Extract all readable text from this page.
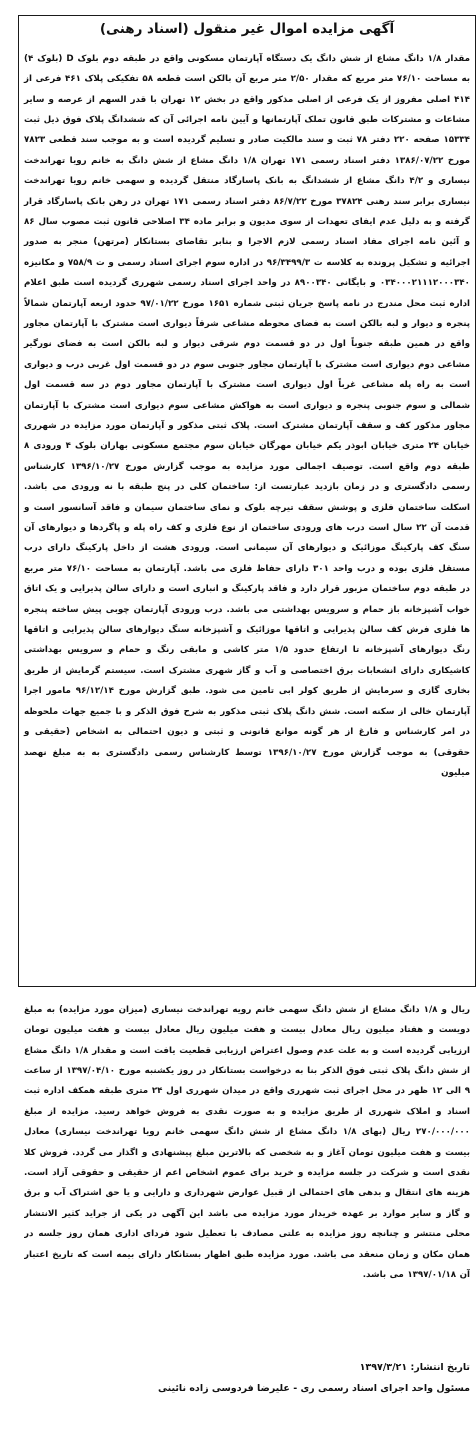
آگهی مزایده اموال غیر منقول (اسناد رهنی)

مقدار ۱/۸ دانگ مشاع از شش دانگ یک دستگاه آپارتمان مسکونی واقع در طبقه دوم بلوک D (بلوک ۴) به مساحت ۷۶/۱۰ متر مربع که مقدار ۲/۵۰ متر مربع آن بالکن است قطعه ۵۸ تفکیکی پلاک ۴۶۱ فرعی از ۴۱۴ اصلی مفروز از یک فرعی از اصلی مذکور واقع در بخش ۱۲ تهران با قدر السهم از عرصه و سایر مشاعات و مشترکات طبق قانون تملک آپارتمانها و آیین نامه اجرائی آن که ششدانگ پلاک فوق ذیل ثبت ۱۵۳۳۴ صفحه ۲۲۰ دفتر ۷۸ ثبت و سند مالکیت صادر و تسلیم گردیده است و به موجب سند قطعی ۷۸۲۳ مورخ ۱۳۸۶/۰۷/۲۲ دفتر اسناد رسمی ۱۷۱ تهران ۱/۸ دانگ مشاع از شش دانگ به خانم رویا تهراندخت نیساری و ۴/۲ دانگ مشاع از ششدانگ به بانک پاسارگاد منتقل گردیده و سهمی خانم رویا تهراندخت نیساری برابر سند رهنی ۳۷۸۲۴ مورخ ۸۶/۷/۲۲ دفتر اسناد رسمی ۱۷۱ تهران در رهن بانک پاسارگاد قرار گرفته و به دلیل عدم ایفای تعهدات از سوی مدیون و برابر ماده ۳۴ اصلاحی قانون ثبت مصوب سال ۸۶ و آئین نامه اجرای مفاد اسناد رسمی لازم الاجرا و بنابر تقاضای بستانکار (مرتهن) منجر به صدور اجرائیه و تشکیل پرونده به کلاسه ت ۹۶/۳۴۹۹/۳ در اداره سوم اجرای اسناد رسمی و ت ۷۵۸/۹ و مکانیزه ۰۳۴۰۰۰۲۱۱۱۲۰۰۰۳۴۰ و بایگانی ۸۹۰۰۳۴۰ در واحد اجرای اسناد رسمی شهرری گردیده است طبق اعلام اداره ثبت محل مندرج در نامه پاسخ جریان ثبتی شماره ۱۶۵۱ مورخ ۹۷/۰۱/۲۲ حدود اربعه آپارتمان شمالاً پنجره و دیوار و لبه بالکن است به فضای محوطه مشاعی شرقاً دیواری است مشترک با آپارتمان مجاور واقع در همین طبقه جنوباً اول در دو قسمت دوم شرقی دیوار و لبه بالکن است به فضای نورگیر مشاعی دوم دیواری است مشترک با آپارتمان مجاور جنوبی سوم در دو قسمت اول غربی درب و دیواری است به راه پله مشاعی غرباً اول دیواری است مشترک با آپارتمان مجاور دوم در سه قسمت اول شمالی و سوم جنوبی پنجره و دیواری است به هواکش مشاعی سوم دیواری است مشترک با آپارتمان مجاور مذکور کف و سقف آپارتمان مشترک است. پلاک ثبتی مذکور و آپارتمان مورد مزایده در شهرری خیابان ۲۴ متری خیابان ابوذر یکم خیابان مهرگان خیابان سوم مجتمع مسکونی بهاران بلوک ۴ ورودی ۸ طبقه دوم واقع است. توصیف اجمالی مورد مزایده به موجب گزارش مورخ ۱۳۹۶/۱۰/۲۷ کارشناس رسمی دادگستری و در زمان بازدید عبارتست از: ساختمان کلی در پنج طبقه با نه ورودی می باشد. اسکلت ساختمان فلزی و پوشش سقف تیرچه بلوک و نمای ساختمان سیمان و فاقد آسانسور است و قدمت آن ۲۲ سال است درب های ورودی ساختمان از نوع فلزی و کف راه پله و پاگردها و دیوارهای آن سنگ کف پارکینگ موزائیک و دیوارهای آن سیمانی است. ورودی هشت از داخل پارکینگ دارای درب مستقل فلزی بوده و درب واحد ۳۰۱ دارای حفاظ فلزی می باشد. آپارتمان به مساحت ۷۶/۱۰ متر مربع در طبقه دوم ساختمان مزبور قرار دارد و فاقد پارکینگ و انباری است و دارای سالن پذیرایی و یک اتاق خواب آشپزخانه باز حمام و سرویس بهداشتی می باشد. درب ورودی آپارتمان چوبی پیش ساخته پنجره ها فلزی فرش کف سالن پذیرایی و اتاقها موزائیک و آشپزخانه سنگ دیوارهای سالن پذیرایی و اتاقها رنگ دیوارهای آشپزخانه تا ارتفاع حدود ۱/۵ متر کاشی و مابقی رنگ و حمام و سرویس بهداشتی کاشیکاری دارای انشعابات برق اختصاصی و آب و گاز شهری مشترک است. سیستم گرمایش از طریق بخاری گازی و سرمایش از طریق کولر ابی تامین می شود. طبق گزارش مورخ ۹۶/۱۲/۱۴ مامور اجرا آپارتمان خالی از سکنه است. شش دانگ پلاک ثبتی مذکور به شرح فوق الذکر و با جمیع جهات ملحوظه در امر کارشناس و فارغ از هر گونه موانع قانونی و ثبتی و دیون احتمالی به اشخاص (حقیقی و حقوقی) به موجب گزارش مورخ ۱۳۹۶/۱۰/۲۷ توسط کارشناس رسمی دادگستری به به مبلغ نهصد میلیون

ریال و ۱/۸ دانگ مشاع از شش دانگ سهمی خانم رویه تهراندخت نیساری (میزان مورد مزایده) به مبلغ دویست و هفتاد میلیون ریال معادل بیست و هفت میلیون ریال معادل بیست و هفت میلیون تومان ارزیابی گردیده است و به علت عدم وصول اعتراض ارزیابی قطعیت یافت است و مقدار ۱/۸ دانگ مشاع از شش دانگ پلاک ثبتی فوق الذکر بنا به درخواست بستانکار در روز یکشنبه مورخ ۱۳۹۷/۰۴/۱۰ از ساعت ۹ الی ۱۲ ظهر در محل اجرای ثبت شهرری واقع در میدان شهرری اول ۲۴ متری طبقه همکف اداره ثبت اسناد و املاک شهرری از طریق مزایده و به صورت نقدی به فروش خواهد رسید. مزایده از مبلغ ۲۷۰/۰۰۰/۰۰۰ ریال (بهای ۱/۸ دانگ مشاع از شش دانگ سهمی خانم رویا تهراندخت نیساری) معادل بیست و هفت میلیون تومان آغاز و به شخصی که بالاترین مبلغ پیشنهادی و اگذار می گردد. فروش کلا نقدی است و شرکت در جلسه مزایده و خرید برای عموم اشخاص اعم از حقیقی و حقوقی آزاد است. هزینه های انتقال و بدهی های احتمالی از قبیل عوارض شهرداری و دارایی و یا حق اشتراک آب و برق و گاز و سایر موارد بر عهده خریدار مورد مزایده می باشد این آگهی در یکی از جراید کثیر الانتشار محلی منتشر و چنانچه روز مزایده به علتی مصادف با تعطیل شود فردای اداری همان روز جلسه در همان مکان و زمان منعقد می باشد. مورد مزایده طبق اظهار بستانکار دارای بیمه است که تاریخ اعتبار آن ۱۳۹۷/۰۱/۱۸ می باشد.

تاریخ انتشار: ۱۳۹۷/۳/۲۱
مسئول واحد اجرای اسناد رسمی ری - علیرضا فردوسی زاده نائینی
